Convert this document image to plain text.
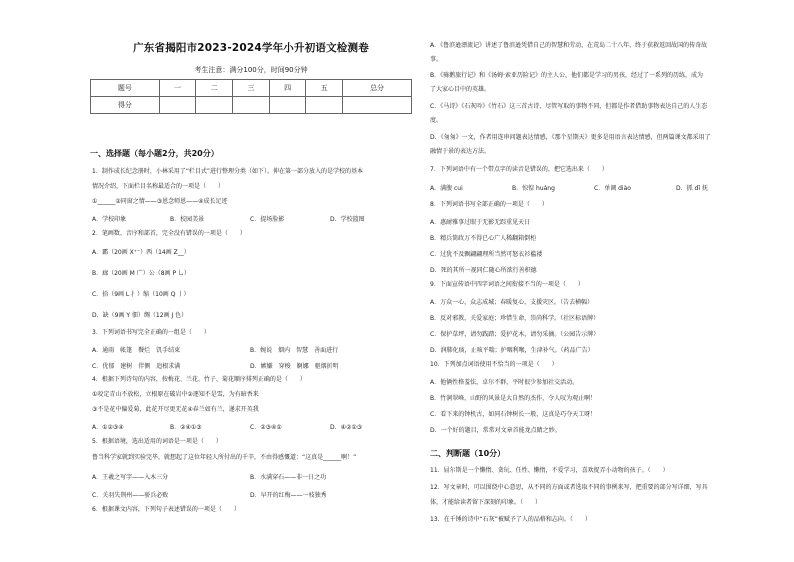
广东省揭阳市2023-2024学年小升初语文检测卷
考生注意：满分100分，时间90分钟
题号	一	二	三	四	五	总分
得分						
一、选择题（每小题2分，共20分）
1．制作成长纪念册时，小林采用了“栏目式”进行整理分类（如下）。伸在第一部分放入的是学校的基本
情况介绍，下面栏目名称最适合的一项是（　　）
①______②同窗之情——③恩念师恩——④成长足迹
A．学校印象	B．校园美景	C．提场脸影	D．学校篮图
2．笔画数、音序和部首，完全没有错误的一项是（　　）
A．霸（20画 X⁺⁻）西（14画 Z__）
B．廊（20画 M 广）公（8画 P 乚）
C．拾（9画 L 扌）缩（10画 Q 丨）
D．缺（9画 Y 佃）绸（12画 J 色）
3．下列词语书写完全正确的一组是（　　）
A．通雨　帐篷　餐烂　饥手结束	B．婉说　烟内　智慧　善面进行
C．优郁　建树　伴侧　追根求满	D．嫉嫌　穿梭　婀娜　驱烟折明
4．根据下列诗句的内容，按梅花、兰花、竹子、菊花顺序排列正确的是（　　）
①咬定青山不放松，立根原在破岩中②逐知不是雪，为有暗香来
③不是花中偏爱菊，此花开尽更无花④春兰如有兰，递求开英我
A．①②③④	B．②④①③	C．②③④①	D．④②①③
5．根据语境，选出适用的词语是一项是（　　）
鲁当科学家就到实验完毕，就想起了这位年轻人所付出的千辛，不由得感慨道：“这真是______啊！”
A．王羲之写字——入木三分	B．水满穿石——非一日之功
C．关羽失荆州——骄兵必败	D．早开的红梅——一枝独秀
6．根据课文内容，下列句子表述错误的一项是（　　）
A．《鲁滨逊漂流记》讲述了鲁滨逊凭借自己的智慧和劳动，在荒岛二十八年，终于获救返回故国的传奇故
事。
B．《骑鹅旅行记》和《汤姆·索亚历险记》的主人公，他们都是学习的男孩，经过了一系列的历练，成为
了大家心目中的英雄。
C．《马诗》《石灰吟》《竹石》这三首古诗，尽管写取的事物不同，但都是作者借助事物表达自己的人生态
度。
D．《匆匆》一文，作者用连串问题表达情感，《那个星期天》更多是用语言表达情感，但两篇课文都采用了
融情于景的表达方法。
7．下列词语中有一个带点字的读音是错误的，把它选出来（　　）
A．满腹 cui	B．惊惶 huáng	C．单调 diào	D．抓 dī 抚
8．下列词语书写全部正确的一项是（　　）
A．惠耐雅事过眼于无影无踪重见天日
B．精兵简政万不得已心广人稀翻箱倒柜
C．过犹不及飘翩翩理所当然可怒衣衫褴褛
D．死的其所一视同仁随心所欲行善积德
9．下面宣传语中四字词语之间衔接不当的一项是（　　）
A．万众一心，众志成城；春暖复心，支援灾区。（告去横幅）
B．反对邪教，关爱家庭；珍惜生命，崇尚科学。（社区标语牌）
C．保护草坪，请勿践踏；爱护花木，请勿采摘。（公园告示牌）
D．润肺化痰，止咳平喘；护咽利喉，生津补气。（药品广告）
10．下列加点词语使用不恰当的一项是（　　）
A．他俩性格羞怯，卓尔不群，平时很少参加社交活动。
B．竹涧翠峰，山野的风景是大自然的杰作，令人叹为观止啊！
C．看下来的钟机古，如同石钟树长一般，这真是巧夺天工呀！
D．一个好的题目，常常对文章首能龙点睛之妙。
二、判断题（10分）
11．屈尔斯是一个懒惰、贪玩、任性、懒惰，不爱学习，喜欢捉弄小动物的孩子。（　　）
12．写文章时，可以围绕中心意思，从不同的方面或者选取不同的事例来写，把重要的部分写详细，写具
体，才能给读者留下深刻的印象。（　　）
13．在千锤的诗中“石灰”被赋予了人的品格和志向。（　　）
